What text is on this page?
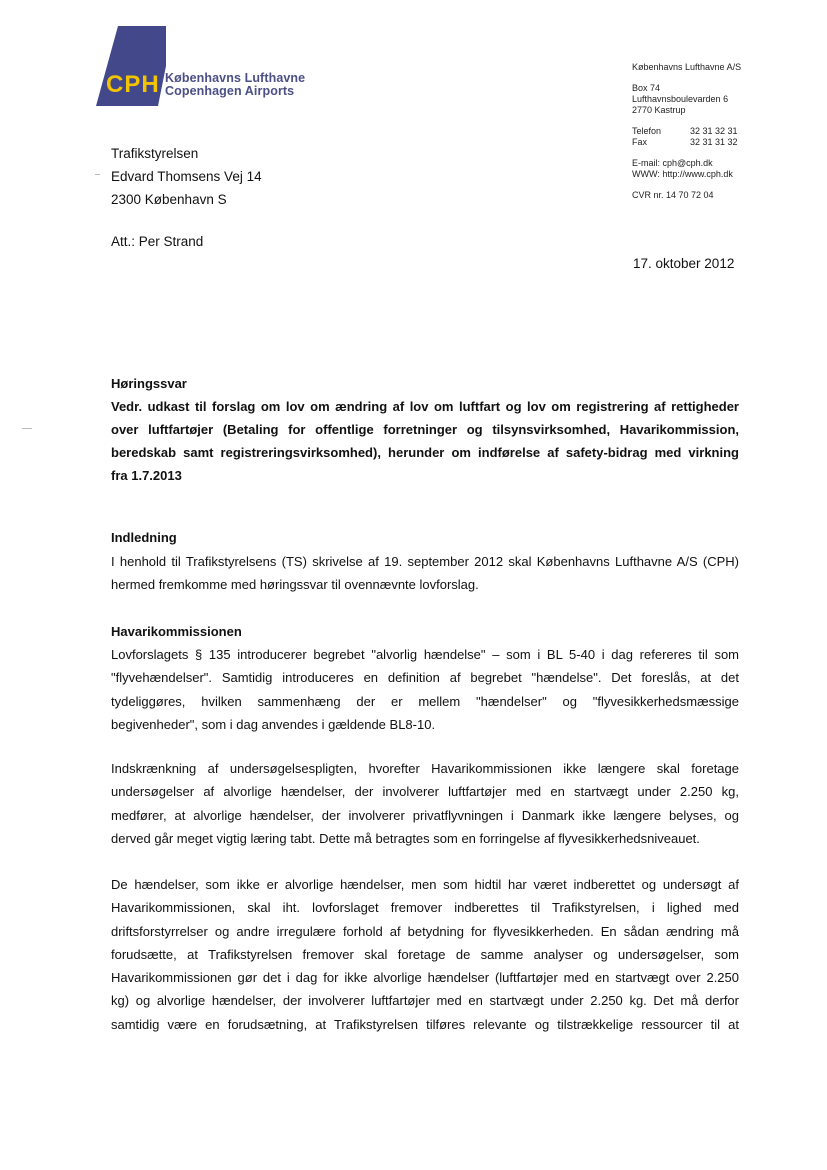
CPH Københavns Lufthavne
Copenhagen Airports
Københavns Lufthavne A/S
Box 74
Lufthavnsboulevarden 6
2770 Kastrup
Telefon	32 31 32 31
Fax	32 31 31 32
E-mail: cph@cph.dk
WWW: http://www.cph.dk
CVR nr. 14 70 72 04
Trafikstyrelsen
Edvard Thomsens Vej 14
2300 København S
Att.: Per Strand
17. oktober 2012
Høringssvar
Vedr. udkast til forslag om lov om ændring af lov om luftfart og lov om registrering af rettigheder
over luftfartøjer (Betaling for offentlige forretninger og tilsynsvirksomhed, Havarikommission,
beredskab samt registreringsvirksomhed), herunder om indførelse af safety-bidrag med virkning
fra 1.7.2013
Indledning
I henhold til Trafikstyrelsens (TS) skrivelse af 19. september 2012 skal Københavns Lufthavne A/S (CPH)
hermed fremkomme med høringssvar til ovennævnte lovforslag.
Havarikommissionen
Lovforslagets § 135 introducerer begrebet "alvorlig hændelse" – som i BL 5-40 i dag refereres til som
"flyvehændelser". Samtidig introduceres en definition af begrebet "hændelse". Det foreslås, at det
tydeliggøres, hvilken sammenhæng der er mellem "hændelser" og "flyvesikkerhedsmæssige
begivenheder", som i dag anvendes i gældende BL8-10.
Indskrænkning af undersøgelsespligten, hvorefter Havarikommissionen ikke længere skal foretage
undersøgelser af alvorlige hændelser, der involverer luftfartøjer med en startvægt under 2.250 kg,
medfører, at alvorlige hændelser, der involverer privatflyvningen i Danmark ikke længere belyses, og
derved går meget vigtig læring tabt. Dette må betragtes som en forringelse af flyvesikkerhedsniveauet.
De hændelser, som ikke er alvorlige hændelser, men som hidtil har været indberettet og undersøgt af
Havarikommissionen, skal iht. lovforslaget fremover indberettes til Trafikstyrelsen, i lighed med
driftsforstyrrelser og andre irregulære forhold af betydning for flyvesikkerheden. En sådan ændring må
forudsætte, at Trafikstyrelsen fremover skal foretage de samme analyser og undersøgelser, som
Havarikommissionen gør det i dag for ikke alvorlige hændelser (luftfartøjer med en startvægt over 2.250
kg) og alvorlige hændelser, der involverer luftfartøjer med en startvægt under 2.250 kg. Det må derfor
samtidig være en forudsætning, at Trafikstyrelsen tilføres relevante og tilstrækkelige ressourcer til at
